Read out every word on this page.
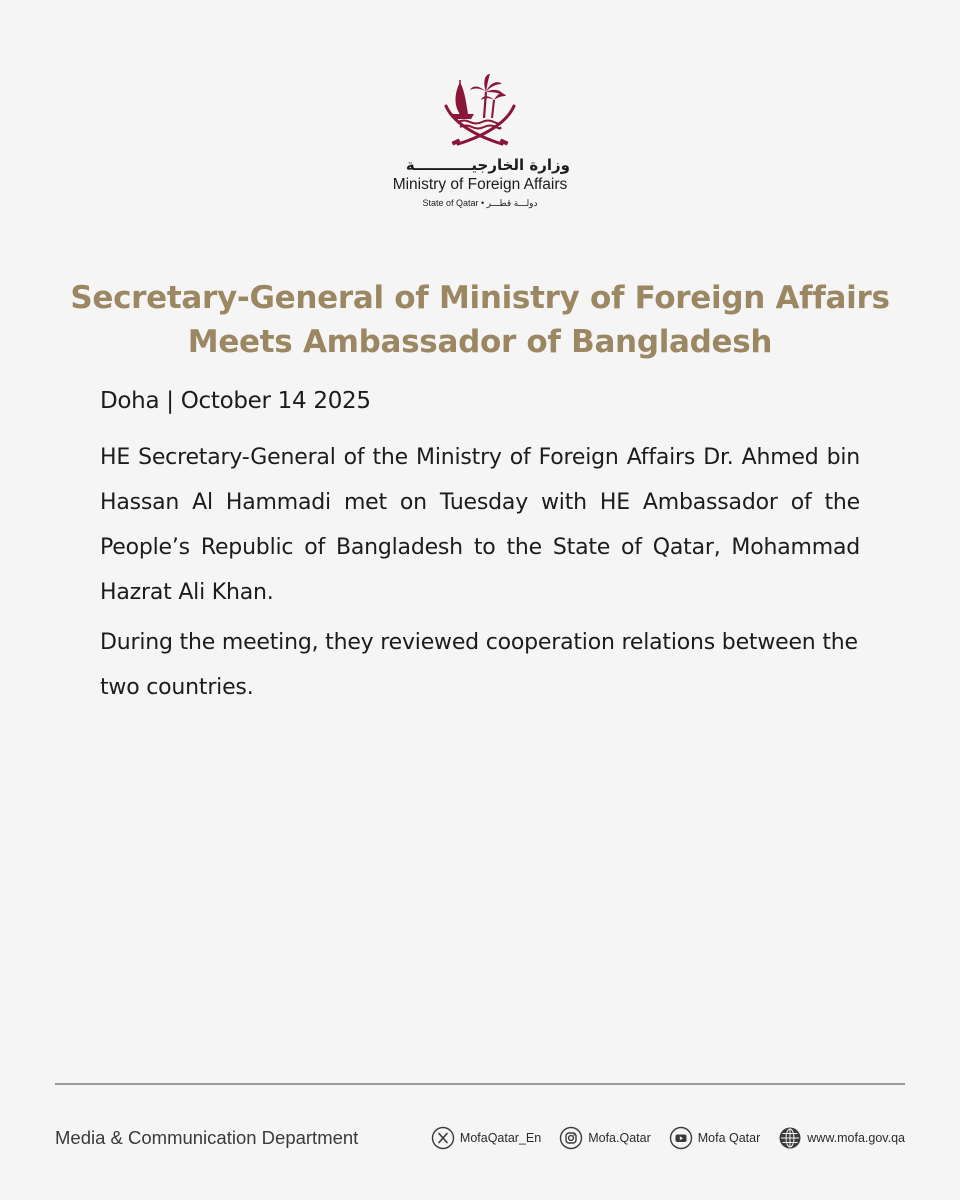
وزارة الخارجيـــــــــــة
Ministry of Foreign Affairs
State of Qatar • دولـــة قطـــر
Secretary-General of Ministry of Foreign Affairs
Meets Ambassador of Bangladesh
Doha | October 14 2025

HE Secretary-General of the Ministry of Foreign Affairs Dr. Ahmed bin Hassan Al Hammadi met on Tuesday with HE Ambassador of the People’s Republic of Bangladesh to the State of Qatar, Mohammad Hazrat Ali Khan.

During the meeting, they reviewed cooperation relations between the two countries.

Media & Communication Department	MofaQatar_En	Mofa.Qatar	Mofa Qatar	www.mofa.gov.qa
